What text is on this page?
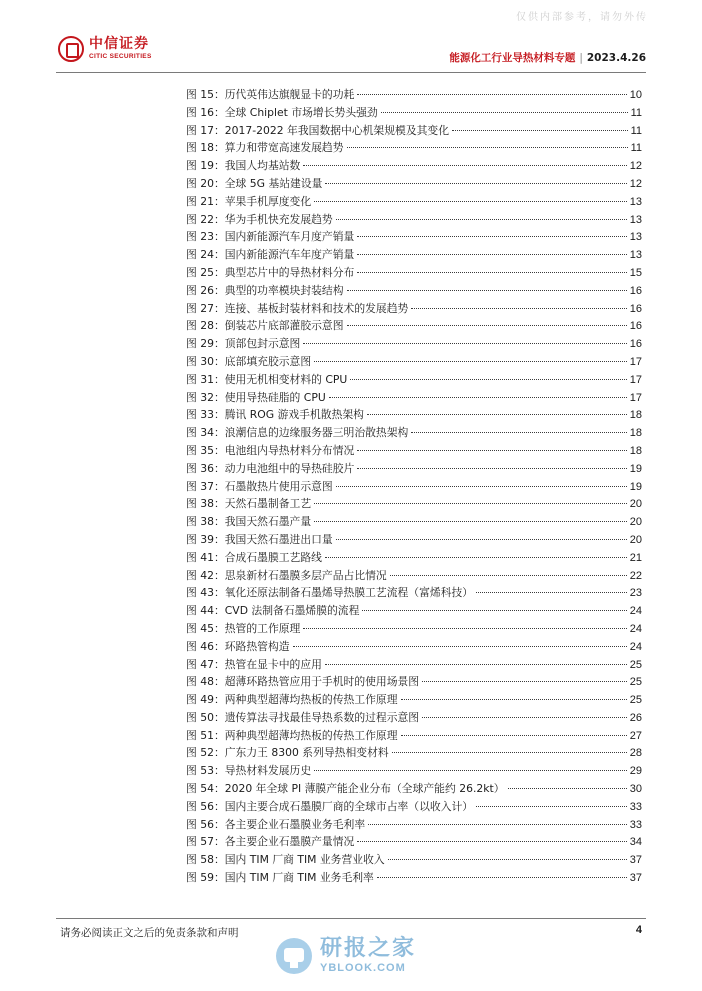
仅供内部参考，请勿外传
中信证券
CITIC SECURITIES	能源化工行业导热材料专题 | 2023.4.26
图 15： 历代英伟达旗舰显卡的功耗	10
图 16： 全球 Chiplet 市场增长势头强劲	11
图 17： 2017-2022 年我国数据中心机架规模及其变化	11
图 18： 算力和带宽高速发展趋势	11
图 19： 我国人均基站数	12
图 20： 全球 5G 基站建设量	12
图 21： 苹果手机厚度变化	13
图 22： 华为手机快充发展趋势	13
图 23： 国内新能源汽车月度产销量	13
图 24： 国内新能源汽车年度产销量	13
图 25： 典型芯片中的导热材料分布	15
图 26： 典型的功率模块封装结构	16
图 27： 连接、基板封装材料和技术的发展趋势	16
图 28： 倒装芯片底部灌胶示意图	16
图 29： 顶部包封示意图	16
图 30： 底部填充胶示意图	17
图 31： 使用无机相变材料的 CPU	17
图 32： 使用导热硅脂的 CPU	17
图 33： 腾讯 ROG 游戏手机散热架构	18
图 34： 浪潮信息的边缘服务器三明治散热架构	18
图 35： 电池组内导热材料分布情况	18
图 36： 动力电池组中的导热硅胶片	19
图 37： 石墨散热片使用示意图	19
图 38： 天然石墨制备工艺	20
图 38： 我国天然石墨产量	20
图 39： 我国天然石墨进出口量	20
图 41： 合成石墨膜工艺路线	21
图 42： 思泉新材石墨膜多层产品占比情况	22
图 43： 氧化还原法制备石墨烯导热膜工艺流程（富烯科技）	23
图 44： CVD 法制备石墨烯膜的流程	24
图 45： 热管的工作原理	24
图 46： 环路热管构造	24
图 47： 热管在显卡中的应用	25
图 48： 超薄环路热管应用于手机时的使用场景图	25
图 49： 两种典型超薄均热板的传热工作原理	25
图 50： 遗传算法寻找最佳导热系数的过程示意图	26
图 51： 两种典型超薄均热板的传热工作原理	27
图 52： 广东力王 8300 系列导热相变材料	28
图 53： 导热材料发展历史	29
图 54： 2020 年全球 PI 薄膜产能企业分布（全球产能约 26.2kt）	30
图 56： 国内主要合成石墨膜厂商的全球市占率（以收入计）	33
图 56： 各主要企业石墨膜业务毛利率	33
图 57： 各主要企业石墨膜产量情况	34
图 58： 国内 TIM 厂商 TIM 业务营业收入	37
图 59： 国内 TIM 厂商 TIM 业务毛利率	37
请务必阅读正文之后的免责条款和声明	4
研报之家
YBLOOK.COM
